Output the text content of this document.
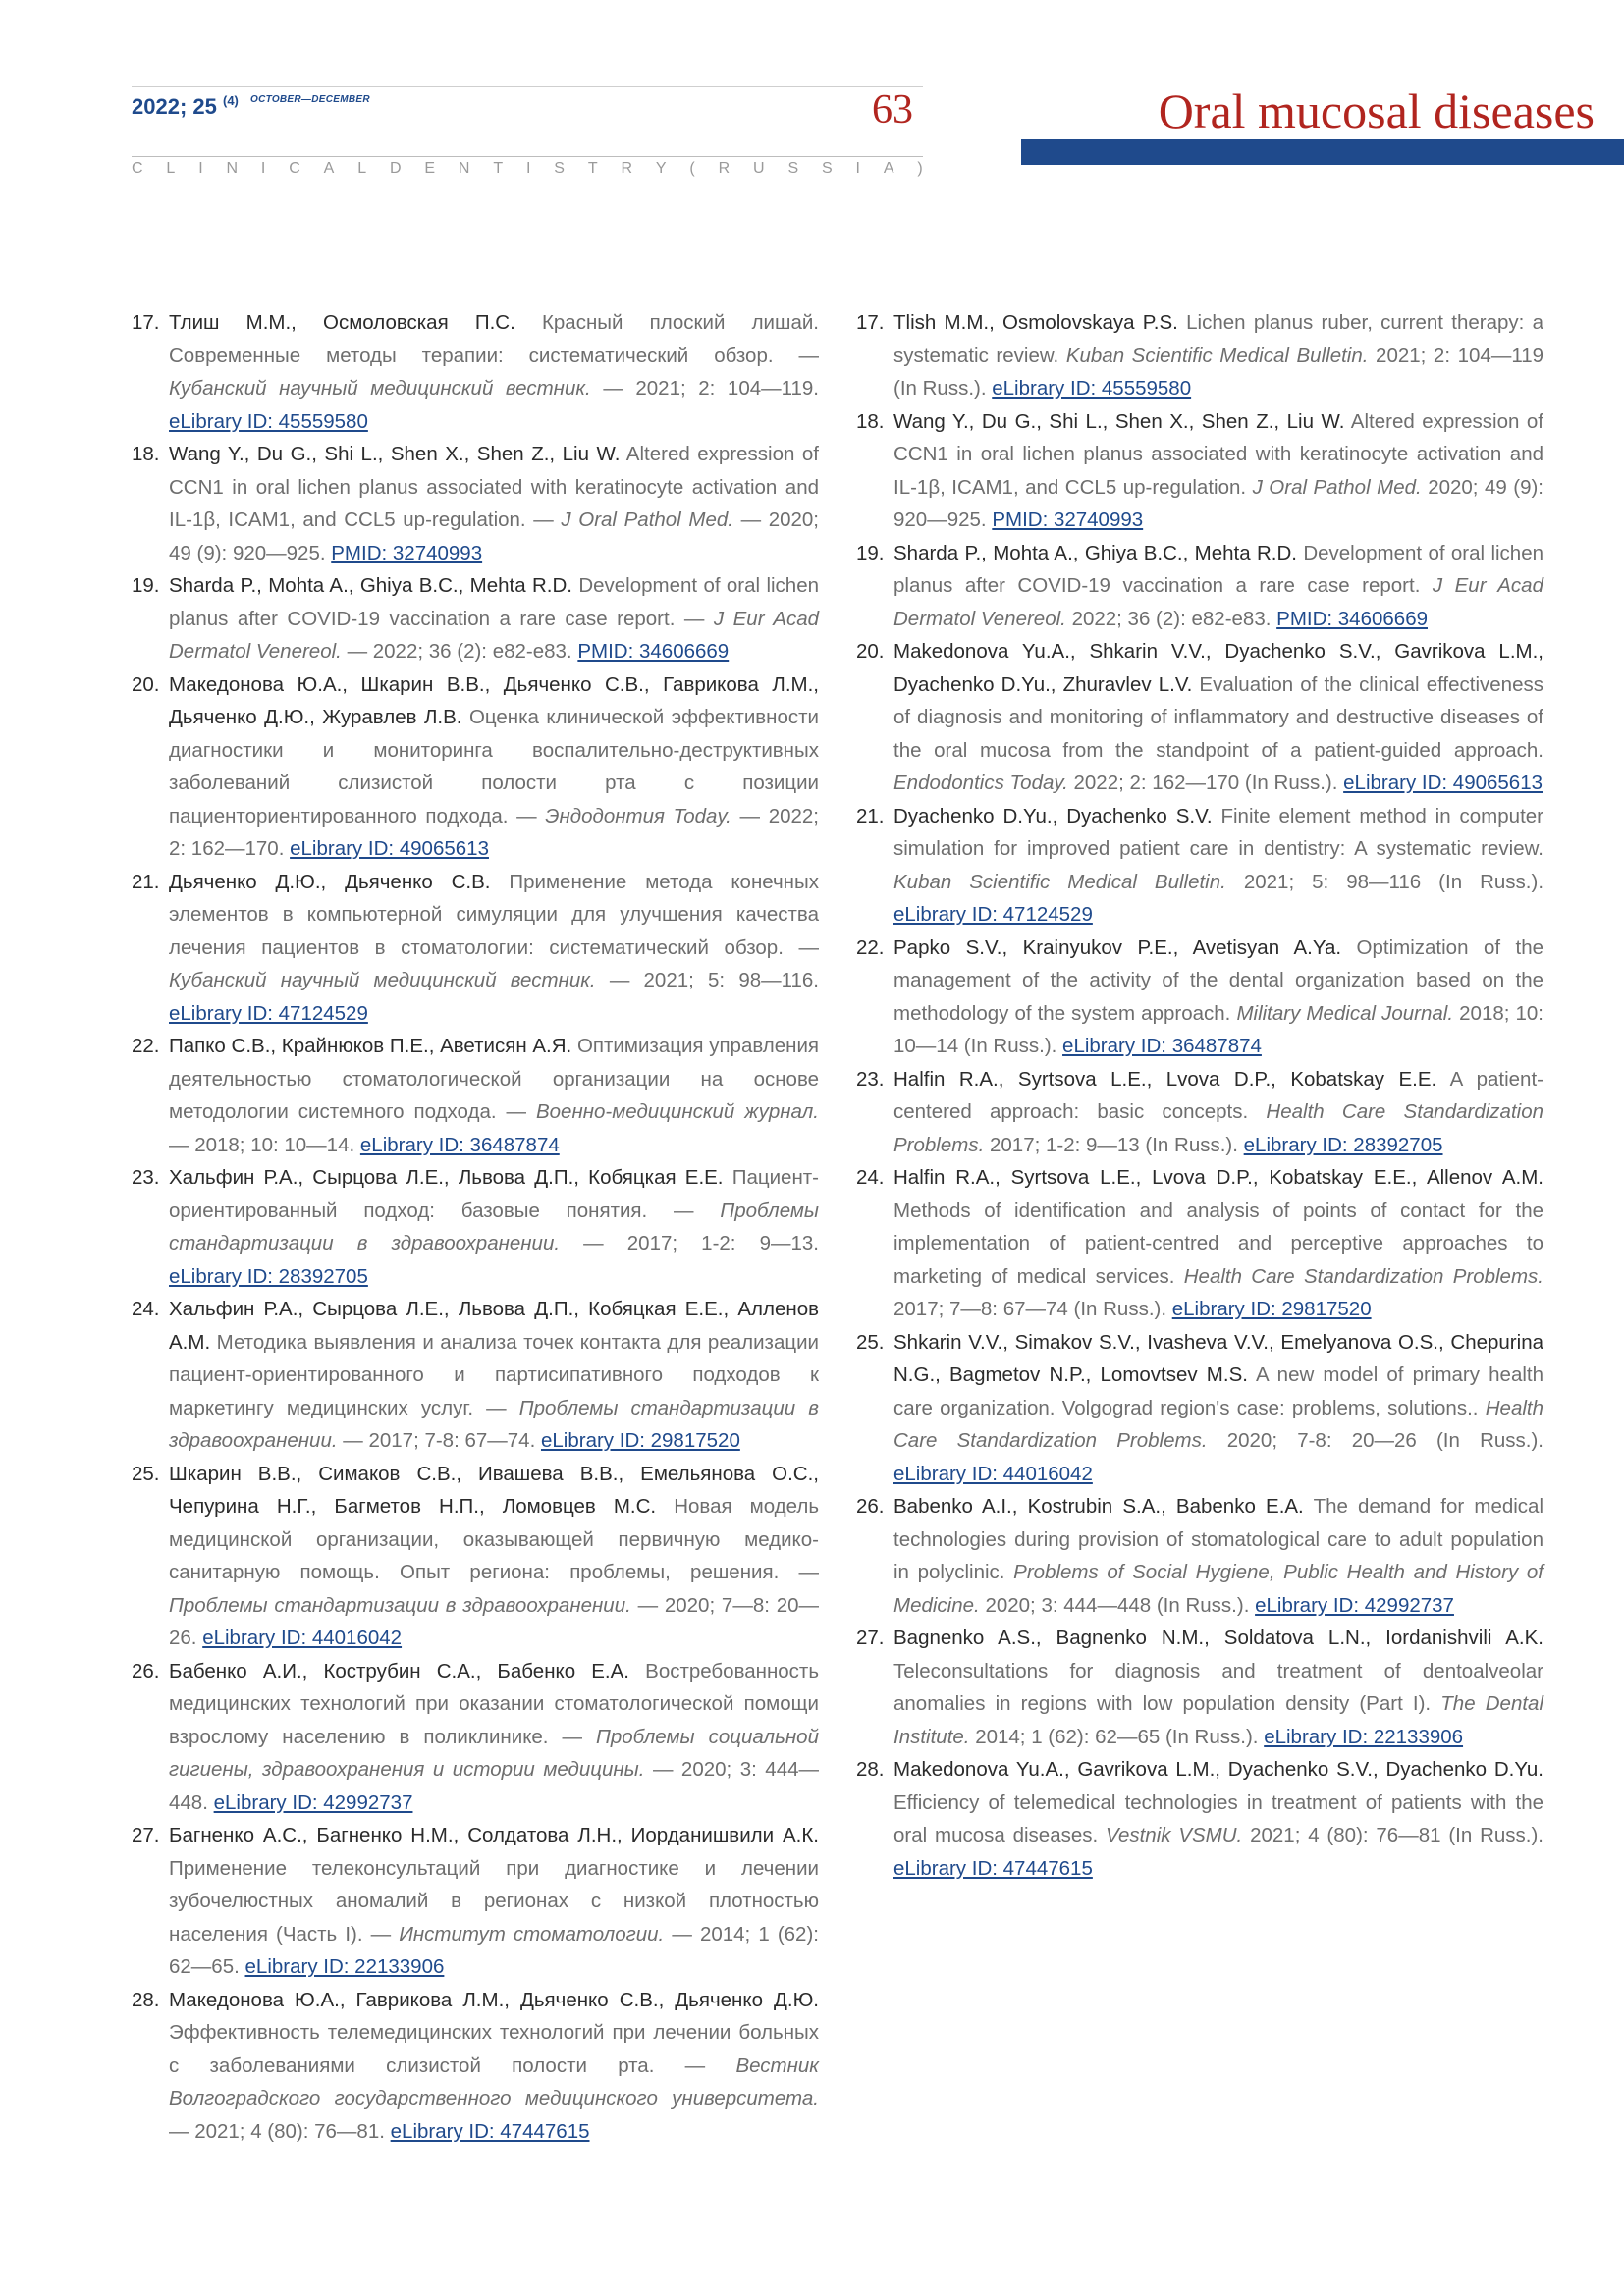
2022; 25 $^{(4)}$ $^{OCTOBER—DECEMBER}$	63
C L I N I C A L D E N T I S T R Y ( R U S S I A )
Oral mucosal diseases

17. Тлиш М.М., Осмоловская П.С. Красный плоский лишай. Современные методы терапии: систематический обзор. — Кубанский научный медицинский вестник. — 2021; 2: 104—119. eLibrary ID: 45559580

18. Wang Y., Du G., Shi L., Shen X., Shen Z., Liu W. Altered expression of CCN1 in oral lichen planus associated with keratinocyte activation and IL-1β, ICAM1, and CCL5 up-regulation. — J Oral Pathol Med. — 2020; 49 (9): 920—925. PMID: 32740993

19. Sharda P., Mohta A., Ghiya B.C., Mehta R.D. Development of oral lichen planus after COVID-19 vaccination a rare case report. — J Eur Acad Dermatol Venereol. — 2022; 36 (2): e82-e83. PMID: 34606669

20. Македонова Ю.А., Шкарин В.В., Дьяченко С.В., Гаврикова Л.М., Дьяченко Д.Ю., Журавлев Л.В. Оценка клинической эффективности диагностики и мониторинга воспалительно-деструктивных заболеваний слизистой полости рта с позиции пациенториентированного подхода. — Эндодонтия Today. — 2022; 2: 162—170. eLibrary ID: 49065613

21. Дьяченко Д.Ю., Дьяченко С.В. Применение метода конечных элементов в компьютерной симуляции для улучшения качества лечения пациентов в стоматологии: систематический обзор. — Кубанский научный медицинский вестник. — 2021; 5: 98—116. eLibrary ID: 47124529

22. Папко С.В., Крайнюков П.Е., Аветисян А.Я. Оптимизация управления деятельностью стоматологической организации на основе методологии системного подхода. — Военно-медицинский журнал. — 2018; 10: 10—14. eLibrary ID: 36487874

23. Хальфин Р.А., Сырцова Л.Е., Львова Д.П., Кобяцкая Е.Е. Пациент-ориентированный подход: базовые понятия. — Проблемы стандартизации в здравоохранении. — 2017; 1-2: 9—13. eLibrary ID: 28392705

24. Хальфин Р.А., Сырцова Л.Е., Львова Д.П., Кобяцкая Е.Е., Алленов А.М. Методика выявления и анализа точек контакта для реализации пациент-ориентированного и партисипативного подходов к маркетингу медицинских услуг. — Проблемы стандартизации в здравоохранении. — 2017; 7-8: 67—74. eLibrary ID: 29817520

25. Шкарин В.В., Симаков С.В., Ивашева В.В., Емельянова О.С., Чепурина Н.Г., Багметов Н.П., Ломовцев М.С. Новая модель медицинской организации, оказывающей первичную медико-санитарную помощь. Опыт региона: проблемы, решения. — Проблемы стандартизации в здравоохранении. — 2020; 7—8: 20—26. eLibrary ID: 44016042

26. Бабенко А.И., Кострубин С.А., Бабенко Е.А. Востребованность медицинских технологий при оказании стоматологической помощи взрослому населению в поликлинике. — Проблемы социальной гигиены, здравоохранения и истории медицины. — 2020; 3: 444—448. eLibrary ID: 42992737

27. Багненко А.С., Багненко Н.М., Солдатова Л.Н., Иорданишвили А.К. Применение телеконсультаций при диагностике и лечении зубочелюстных аномалий в регионах с низкой плотностью населения (Часть I). — Институт стоматологии. — 2014; 1 (62): 62—65. eLibrary ID: 22133906

28. Македонова Ю.А., Гаврикова Л.М., Дьяченко С.В., Дьяченко Д.Ю. Эффективность телемедицинских технологий при лечении больных с заболеваниями слизистой полости рта. — Вестник Волгоградского государственного медицинского университета. — 2021; 4 (80): 76—81. eLibrary ID: 47447615

17. Tlish M.M., Osmolovskaya P.S. Lichen planus ruber, current therapy: a systematic review. Kuban Scientific Medical Bulletin. 2021; 2: 104—119 (In Russ.). eLibrary ID: 45559580

18. Wang Y., Du G., Shi L., Shen X., Shen Z., Liu W. Altered expression of CCN1 in oral lichen planus associated with keratinocyte activation and IL-1β, ICAM1, and CCL5 up-regulation. J Oral Pathol Med. 2020; 49 (9): 920—925. PMID: 32740993

19. Sharda P., Mohta A., Ghiya B.C., Mehta R.D. Development of oral lichen planus after COVID-19 vaccination a rare case report. J Eur Acad Dermatol Venereol. 2022; 36 (2): e82-e83. PMID: 34606669

20. Makedonova Yu.A., Shkarin V.V., Dyachenko S.V., Gavrikova L.M., Dyachenko D.Yu., Zhuravlev L.V. Evaluation of the clinical effectiveness of diagnosis and monitoring of inflammatory and destructive diseases of the oral mucosa from the standpoint of a patient-guided approach. Endodontics Today. 2022; 2: 162—170 (In Russ.). eLibrary ID: 49065613

21. Dyachenko D.Yu., Dyachenko S.V. Finite element method in computer simulation for improved patient care in dentistry: A systematic review. Kuban Scientific Medical Bulletin. 2021; 5: 98—116 (In Russ.). eLibrary ID: 47124529

22. Papko S.V., Krainyukov P.E., Avetisyan A.Ya. Optimization of the management of the activity of the dental organization based on the methodology of the system approach. Military Medical Journal. 2018; 10: 10—14 (In Russ.). eLibrary ID: 36487874

23. Halfin R.A., Syrtsova L.E., Lvova D.P., Kobatskay E.E. A patient-centered approach: basic concepts. Health Care Standardization Problems. 2017; 1-2: 9—13 (In Russ.). eLibrary ID: 28392705

24. Halfin R.A., Syrtsova L.E., Lvova D.P., Kobatskay E.E., Allenov A.M. Methods of identification and analysis of points of contact for the implementation of patient-centred and perceptive approaches to marketing of medical services. Health Care Standardization Problems. 2017; 7—8: 67—74 (In Russ.). eLibrary ID: 29817520

25. Shkarin V.V., Simakov S.V., Ivasheva V.V., Emelyanova O.S., Chepurina N.G., Bagmetov N.P., Lomovtsev M.S. A new model of primary health care organization. Volgograd region's case: problems, solutions.. Health Care Standardization Problems. 2020; 7-8: 20—26 (In Russ.). eLibrary ID: 44016042

26. Babenko A.I., Kostrubin S.A., Babenko E.A. The demand for medical technologies during provision of stomatological care to adult population in polyclinic. Problems of Social Hygiene, Public Health and History of Medicine. 2020; 3: 444—448 (In Russ.). eLibrary ID: 42992737

27. Bagnenko A.S., Bagnenko N.M., Soldatova L.N., Iordanishvili A.K. Teleconsultations for diagnosis and treatment of dentoalveolar anomalies in regions with low population density (Part I). The Dental Institute. 2014; 1 (62): 62—65 (In Russ.). eLibrary ID: 22133906

28. Makedonova Yu.A., Gavrikova L.M., Dyachenko S.V., Dyachenko D.Yu. Efficiency of telemedical technologies in treatment of patients with the oral mucosa diseases. Vestnik VSMU. 2021; 4 (80): 76—81 (In Russ.). eLibrary ID: 47447615
